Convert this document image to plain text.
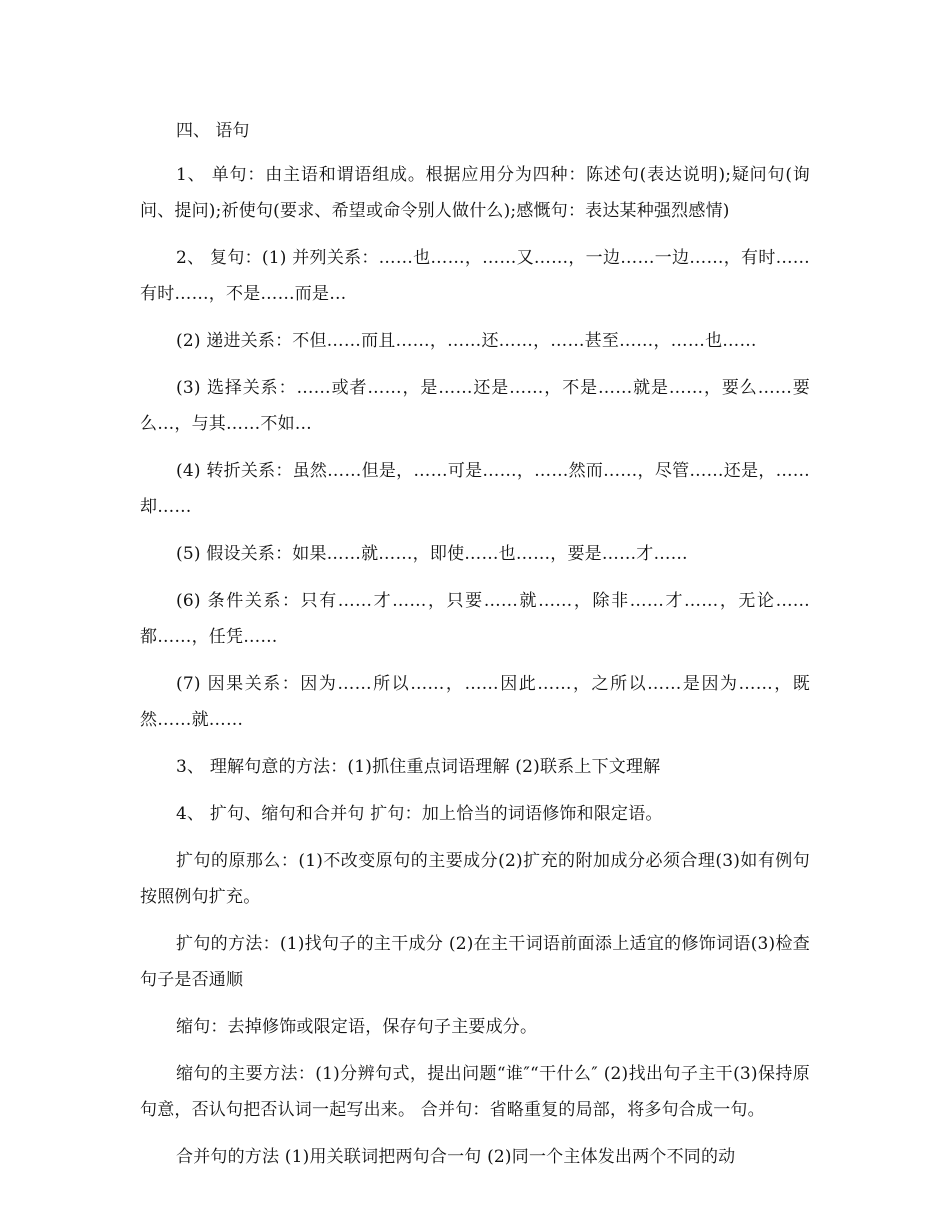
四、 语句

1、 单句：由主语和谓语组成。根据应用分为四种：陈述句(表达说明);疑问句(询问、提问);祈使句(要求、希望或命令别人做什么);感慨句：表达某种强烈感情)

2、 复句：(1) 并列关系：……也……，……又……，一边……一边……，有时……有时……，不是……而是…

(2) 递进关系：不但……而且……，……还……，……甚至……，……也……

(3) 选择关系：……或者……，是……还是……，不是……就是……，要么……要么…，与其……不如…

(4) 转折关系：虽然……但是，……可是……，……然而……，尽管……还是，……却……

(5) 假设关系：如果……就……，即使……也……，要是……才……

(6) 条件关系：只有……才……，只要……就……，除非……才……，无论……都……，任凭……

(7) 因果关系：因为……所以……，……因此……，之所以……是因为……，既然……就……

3、 理解句意的方法：(1)抓住重点词语理解 (2)联系上下文理解

4、 扩句、缩句和合并句 扩句：加上恰当的词语修饰和限定语。

扩句的原那么：(1)不改变原句的主要成分(2)扩充的附加成分必须合理(3)如有例句按照例句扩充。

扩句的方法：(1)找句子的主干成分 (2)在主干词语前面添上适宜的修饰词语(3)检查句子是否通顺

缩句：去掉修饰或限定语，保存句子主要成分。

缩句的主要方法：(1)分辨句式，提出问题“谁″“干什么″ (2)找出句子主干(3)保持原句意，否认句把否认词一起写出来。 合并句：省略重复的局部，将多句合成一句。

合并句的方法 (1)用关联词把两句合一句 (2)同一个主体发出两个不同的动
